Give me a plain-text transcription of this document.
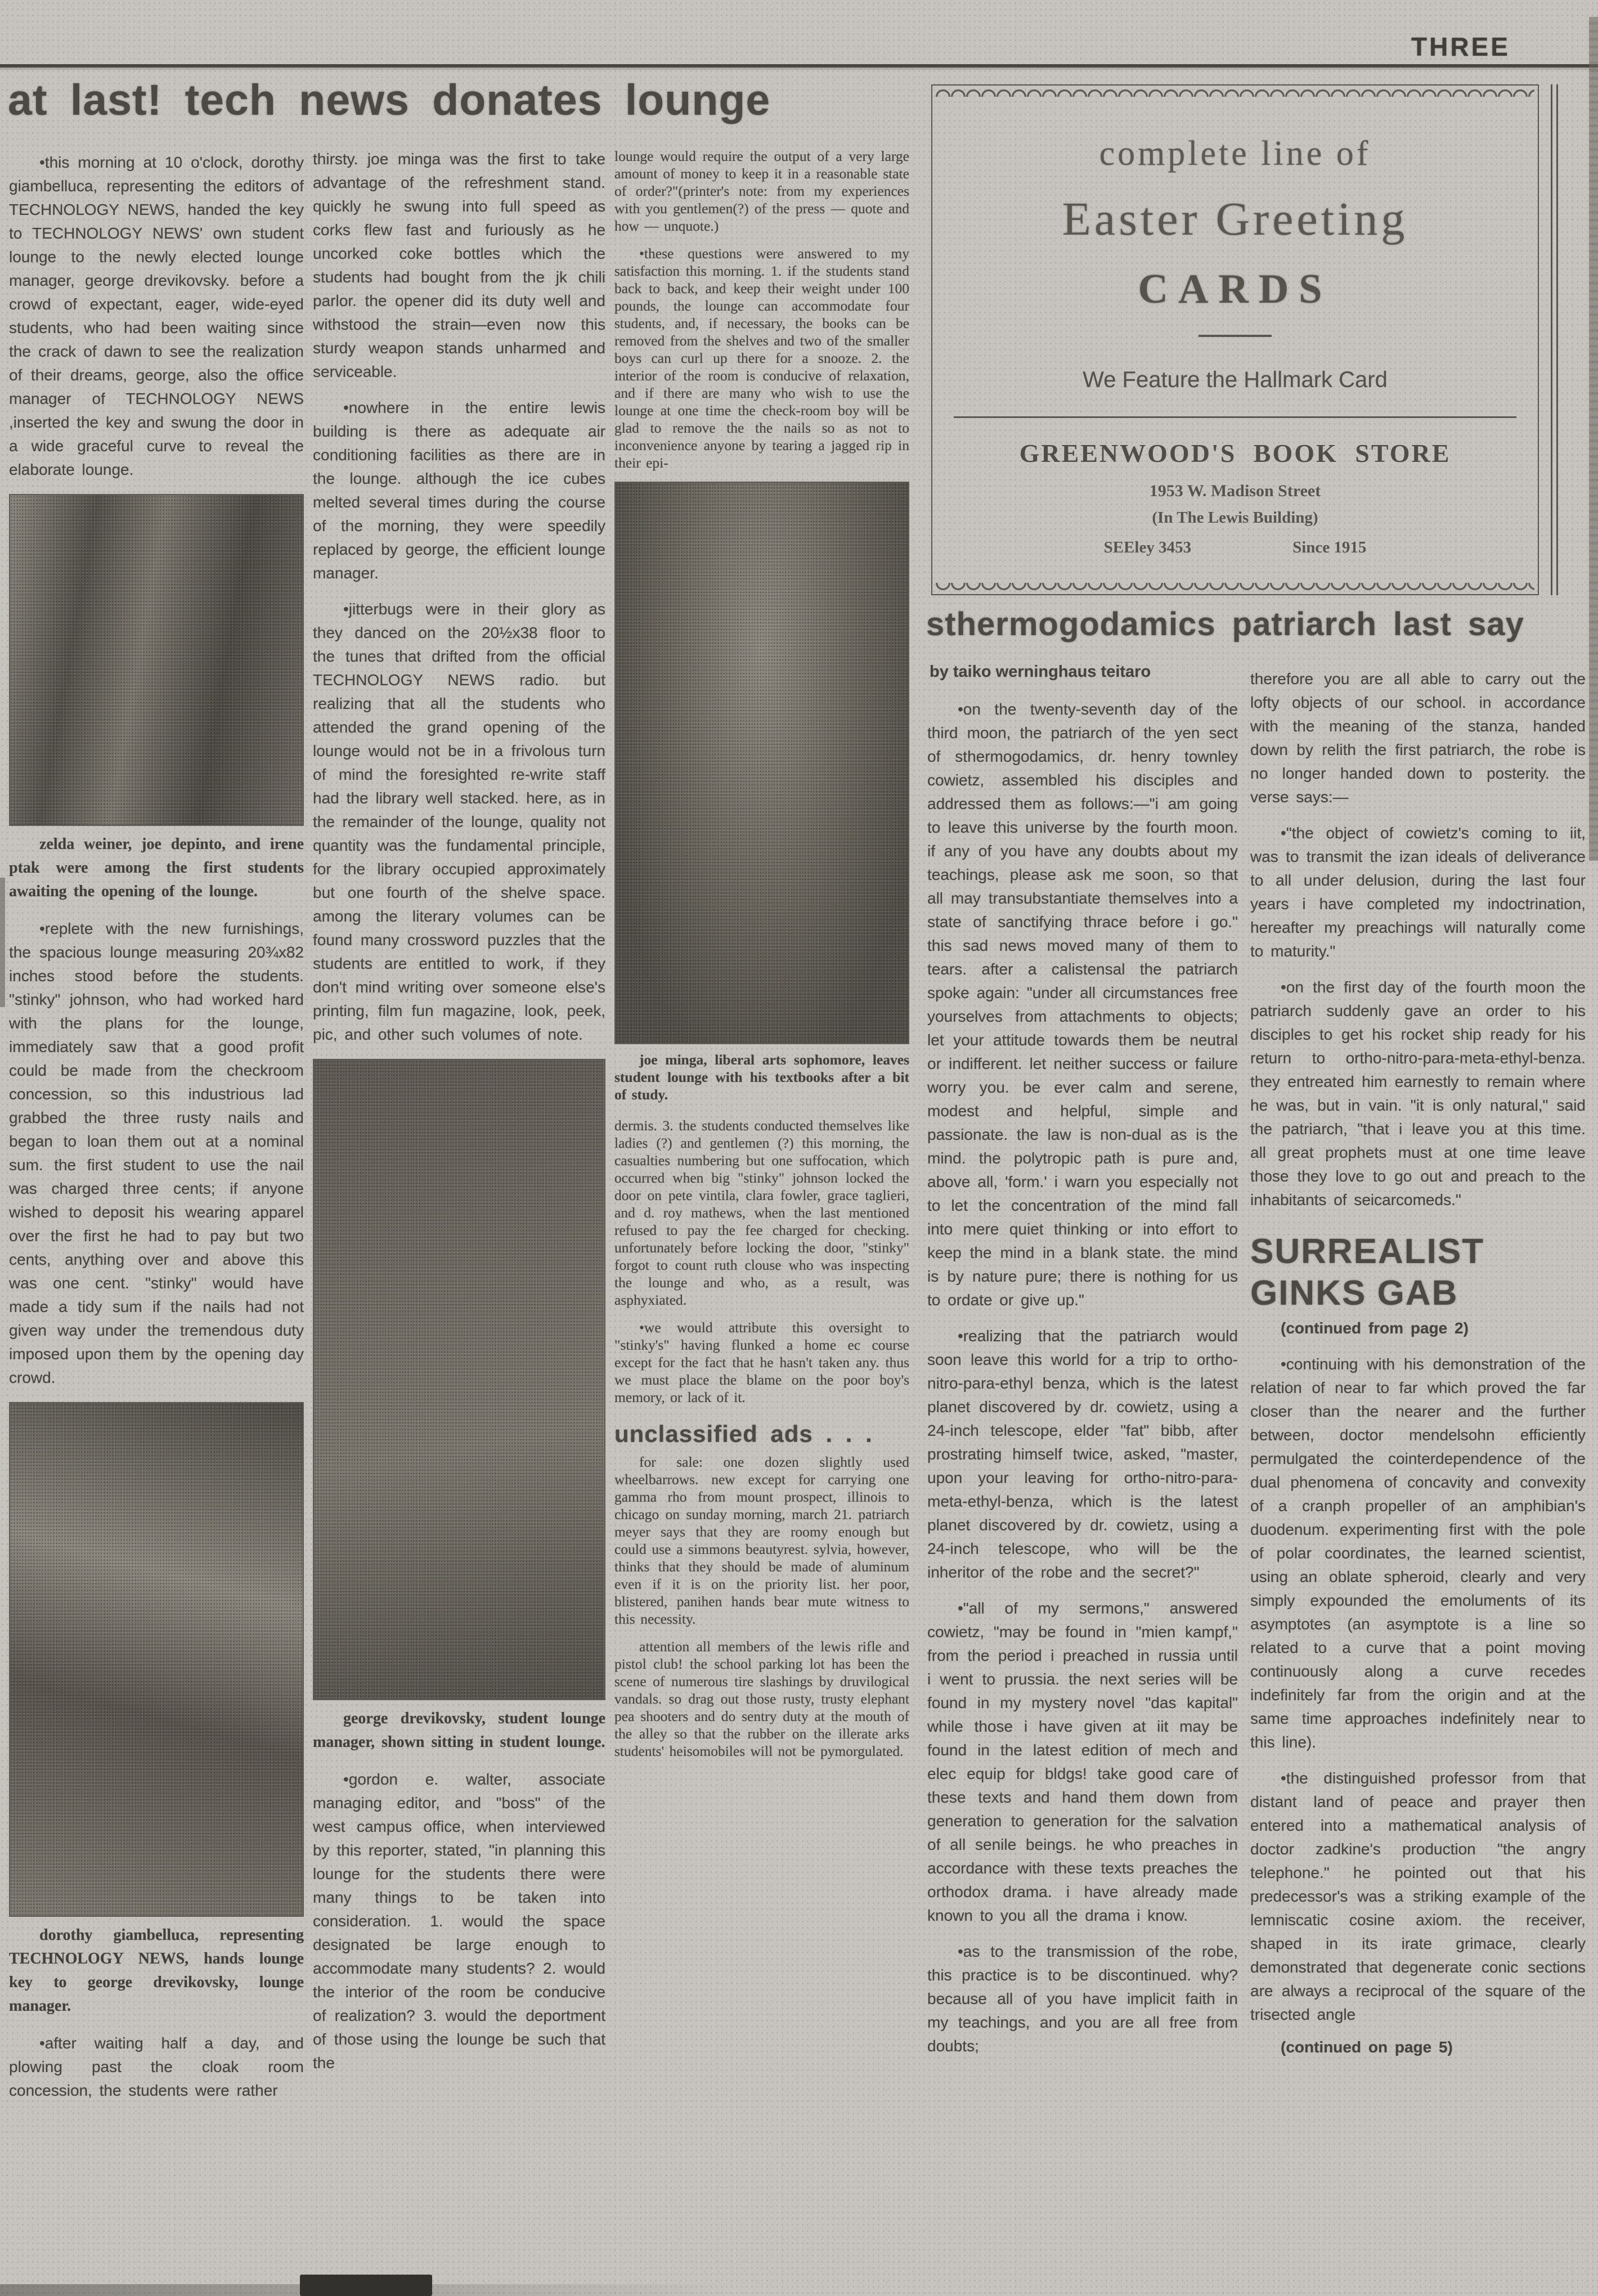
THREE
at last! tech news donates lounge

•this morning at 10 o'clock, dorothy giambelluca, representing the editors of TECHNOLOGY NEWS, handed the key to TECHNOLOGY NEWS' own student lounge to the newly elected lounge manager, george drevikovsky. before a crowd of expectant, eager, wide-eyed students, who had been waiting since the crack of dawn to see the realization of their dreams, george, also the office manager of TECHNOLOGY NEWS ,inserted the key and swung the door in a wide graceful curve to reveal the elaborate lounge.

zelda weiner, joe depinto, and irene ptak were among the first students awaiting the opening of the lounge.

•replete with the new furnishings, the spacious lounge measuring 20¾x82 inches stood before the students. "stinky" johnson, who had worked hard with the plans for the lounge, immediately saw that a good profit could be made from the checkroom concession, so this industrious lad grabbed the three rusty nails and began to loan them out at a nominal sum. the first student to use the nail was charged three cents; if anyone wished to deposit his wearing apparel over the first he had to pay but two cents, anything over and above this was one cent. "stinky" would have made a tidy sum if the nails had not given way under the tremendous duty imposed upon them by the opening day crowd.

dorothy giambelluca, representing TECHNOLOGY NEWS, hands lounge key to george drevikovsky, lounge manager.

•after waiting half a day, and plowing past the cloak room concession, the students were rather

thirsty. joe minga was the first to take advantage of the refreshment stand. quickly he swung into full speed as corks flew fast and furiously as he uncorked coke bottles which the students had bought from the jk chili parlor. the opener did its duty well and withstood the strain—even now this sturdy weapon stands unharmed and serviceable.

•nowhere in the entire lewis building is there as adequate air conditioning facilities as there are in the lounge. although the ice cubes melted several times during the course of the morning, they were speedily replaced by george, the efficient lounge manager.

•jitterbugs were in their glory as they danced on the 20½x38 floor to the tunes that drifted from the official TECHNOLOGY NEWS radio. but realizing that all the students who attended the grand opening of the lounge would not be in a frivolous turn of mind the foresighted re-write staff had the library well stacked. here, as in the remainder of the lounge, quality not quantity was the fundamental principle, for the library occupied approximately but one fourth of the shelve space. among the literary volumes can be found many crossword puzzles that the students are entitled to work, if they don't mind writing over someone else's printing, film fun magazine, look, peek, pic, and other such volumes of note.

george drevikovsky, student lounge manager, shown sitting in student lounge.

•gordon e. walter, associate managing editor, and "boss" of the west campus office, when interviewed by this reporter, stated, "in planning this lounge for the students there were many things to be taken into consideration. 1. would the space designated be large enough to accommodate many students? 2. would the interior of the room be conducive of realization? 3. would the deportment of those using the lounge be such that the

lounge would require the output of a very large amount of money to keep it in a reasonable state of order?"(printer's note: from my experiences with you gentlemen(?) of the press — quote and how — unquote.)

•these questions were answered to my satisfaction this morning. 1. if the students stand back to back, and keep their weight under 100 pounds, the lounge can accommodate four students, and, if necessary, the books can be removed from the shelves and two of the smaller boys can curl up there for a snooze. 2. the interior of the room is conducive of relaxation, and if there are many who wish to use the lounge at one time the check-room boy will be glad to remove the the nails so as not to inconvenience anyone by tearing a jagged rip in their epi-

joe minga, liberal arts sophomore, leaves student lounge with his textbooks after a bit of study.

dermis. 3. the students conducted themselves like ladies (?) and gentlemen (?) this morning, the casualties numbering but one suffocation, which occurred when big "stinky" johnson locked the door on pete vintila, clara fowler, grace taglieri, and d. roy mathews, when the last mentioned refused to pay the fee charged for checking. unfortunately before locking the door, "stinky" forgot to count ruth clouse who was inspecting the lounge and who, as a result, was asphyxiated.

•we would attribute this oversight to "stinky's" having flunked a home ec course except for the fact that he hasn't taken any. thus we must place the blame on the poor boy's memory, or lack of it.

unclassified ads . . .

for sale: one dozen slightly used wheelbarrows. new except for carrying one gamma rho from mount prospect, illinois to chicago on sunday morning, march 21. patriarch meyer says that they are roomy enough but could use a simmons beautyrest. sylvia, however, thinks that they should be made of aluminum even if it is on the priority list. her poor, blistered, panihen hands bear mute witness to this necessity.

attention all members of the lewis rifle and pistol club! the school parking lot has been the scene of numerous tire slashings by druvilogical vandals. so drag out those rusty, trusty elephant pea shooters and do sentry duty at the mouth of the alley so that the rubber on the illerate arks students' heisomobiles will not be pymorgulated.

complete line of
Easter Greeting
CARDS
We Feature the Hallmark Card
GREENWOOD'S BOOK STORE
1953 W. Madison Street
(In The Lewis Building)
SEEley 3453	Since 1915
sthermogodamics patriarch last say
by taiko werninghaus teitaro

•on the twenty-seventh day of the third moon, the patriarch of the yen sect of sthermogodamics, dr. henry townley cowietz, assembled his disciples and addressed them as follows:—"i am going to leave this universe by the fourth moon. if any of you have any doubts about my teachings, please ask me soon, so that all may transubstantiate themselves into a state of sanctifying thrace before i go." this sad news moved many of them to tears. after a calistensal the patriarch spoke again: "under all circumstances free yourselves from attachments to objects; let your attitude towards them be neutral or indifferent. let neither success or failure worry you. be ever calm and serene, modest and helpful, simple and passionate. the law is non-dual as is the mind. the polytropic path is pure and, above all, 'form.' i warn you especially not to let the concentration of the mind fall into mere quiet thinking or into effort to keep the mind in a blank state. the mind is by nature pure; there is nothing for us to ordate or give up."

•realizing that the patriarch would soon leave this world for a trip to ortho-nitro-para-ethyl benza, which is the latest planet discovered by dr. cowietz, using a 24-inch telescope, elder "fat" bibb, after prostrating himself twice, asked, "master, upon your leaving for ortho-nitro-para-meta-ethyl-benza, which is the latest planet discovered by dr. cowietz, using a 24-inch telescope, who will be the inheritor of the robe and the secret?"

•"all of my sermons," answered cowietz, "may be found in "mien kampf," from the period i preached in russia until i went to prussia. the next series will be found in my mystery novel "das kapital" while those i have given at iit may be found in the latest edition of mech and elec equip for bldgs! take good care of these texts and hand them down from generation to generation for the salvation of all senile beings. he who preaches in accordance with these texts preaches the orthodox drama. i have already made known to you all the drama i know.

•as to the transmission of the robe, this practice is to be discontinued. why? because all of you have implicit faith in my teachings, and you are all free from doubts;

therefore you are all able to carry out the lofty objects of our school. in accordance with the meaning of the stanza, handed down by relith the first patriarch, the robe is no longer handed down to posterity. the verse says:—

•"the object of cowietz's coming to iit, was to transmit the izan ideals of deliverance to all under delusion, during the last four years i have completed my indoctrination, hereafter my preachings will naturally come to maturity."

•on the first day of the fourth moon the patriarch suddenly gave an order to his disciples to get his rocket ship ready for his return to ortho-nitro-para-meta-ethyl-benza. they entreated him earnestly to remain where he was, but in vain. "it is only natural," said the patriarch, "that i leave you at this time. all great prophets must at one time leave those they love to go out and preach to the inhabitants of seicarcomeds."

SURREALIST
GINKS GAB

(continued from page 2)

•continuing with his demonstration of the relation of near to far which proved the far closer than the nearer and the further between, doctor mendelsohn efficiently permulgated the cointerdependence of the dual phenomena of concavity and convexity of a cranph propeller of an amphibian's duodenum. experimenting first with the pole of polar coordinates, the learned scientist, using an oblate spheroid, clearly and very simply expounded the emoluments of its asymptotes (an asymptote is a line so related to a curve that a point moving continuously along a curve recedes indefinitely far from the origin and at the same time approaches indefinitely near to this line).

•the distinguished professor from that distant land of peace and prayer then entered into a mathematical analysis of doctor zadkine's production "the angry telephone." he pointed out that his predecessor's was a striking example of the lemniscatic cosine axiom. the receiver, shaped in its irate grimace, clearly demonstrated that degenerate conic sections are always a reciprocal of the square of the trisected angle

(continued on page 5)
